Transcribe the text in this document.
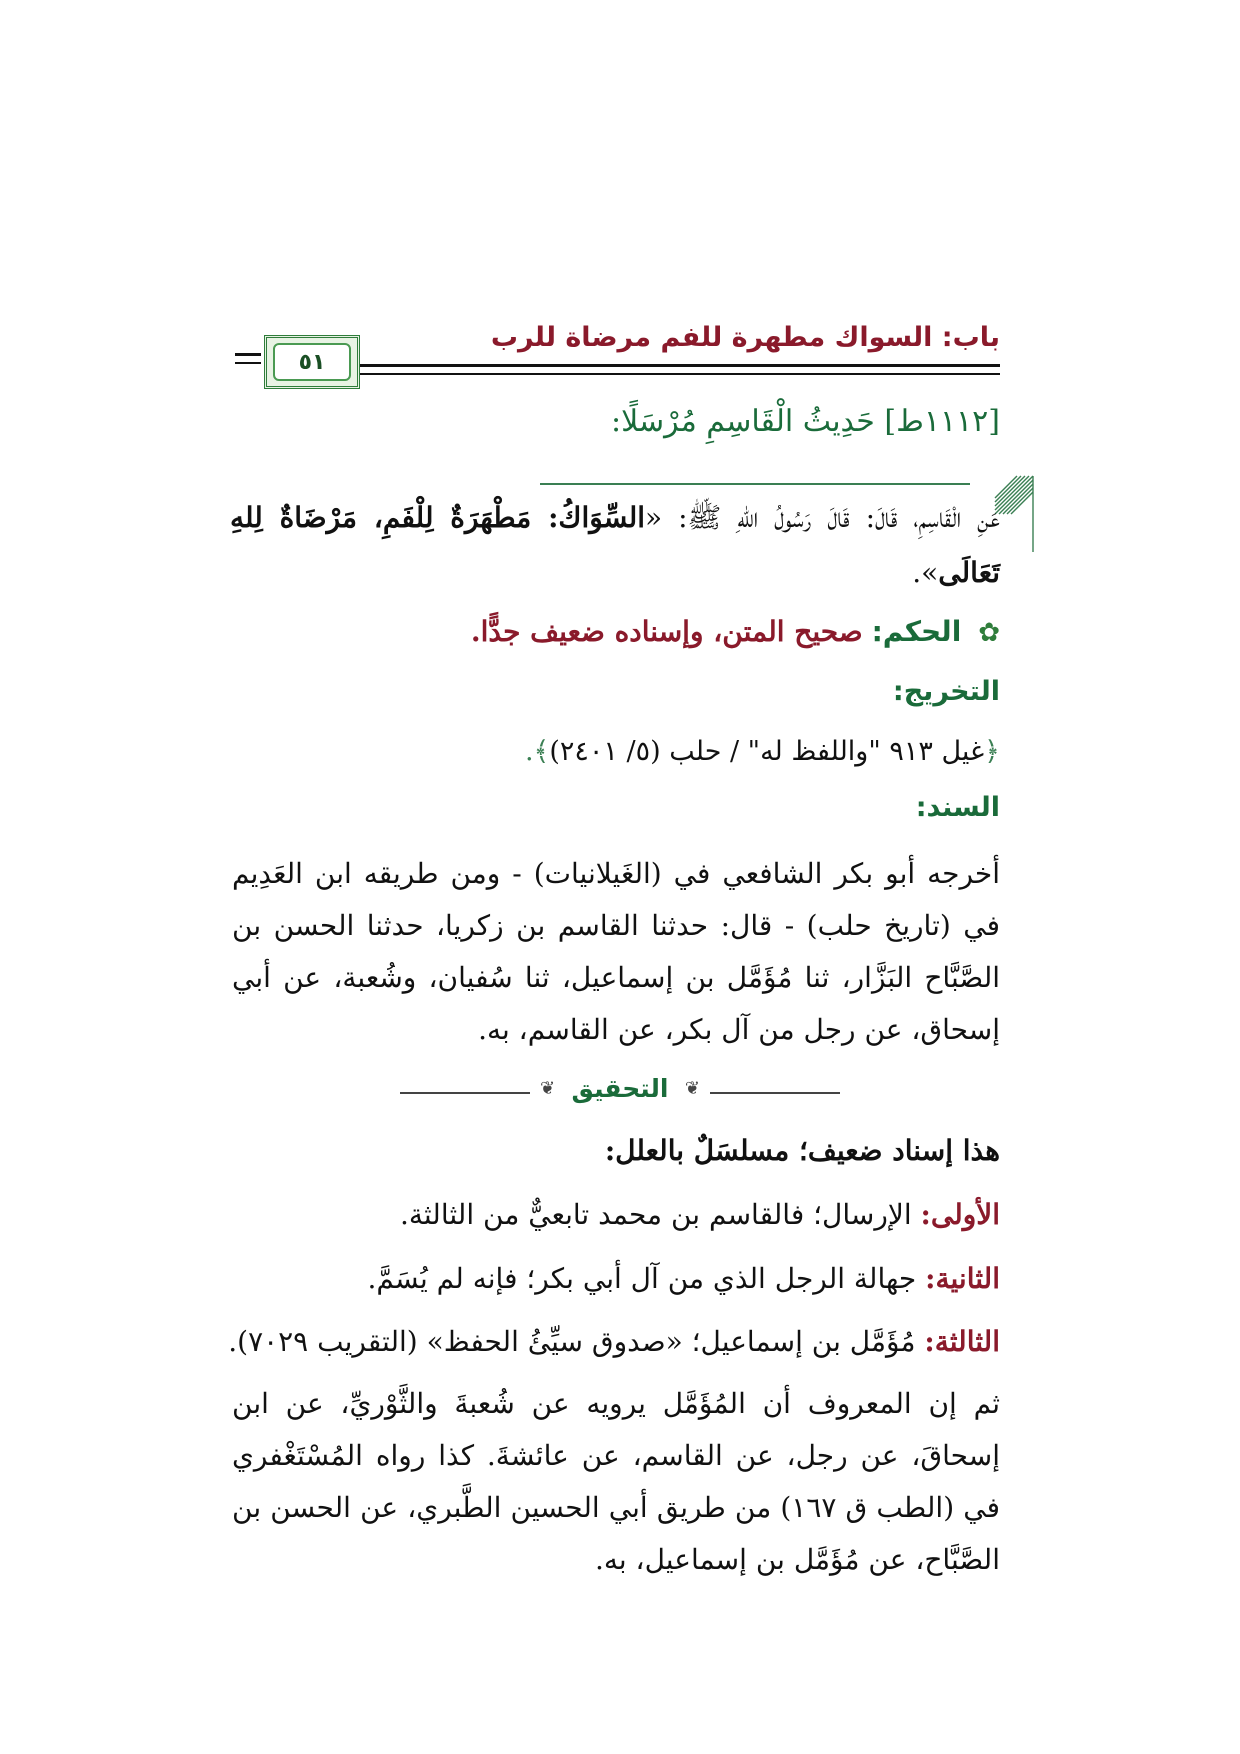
باب: السواك مطهرة للفم مرضاة للرب
٥١
[١١١٢ط] حَدِيثُ الْقَاسِمِ مُرْسَلًا:
عَنِ الْقَاسِمِ، قَالَ: قَالَ رَسُولُ اللهِ ﷺ: «السِّوَاكُ: مَطْهَرَةٌ لِلْفَمِ، مَرْضَاةٌ لِلهِ تَعَالَى».
✿ الحكم: صحيح المتن، وإسناده ضعيف جدًّا.
التخريج:
﴿غيل ٩١٣ "واللفظ له" / حلب (٥/ ٢٤٠١)﴾.
السند:
أخرجه أبو بكر الشافعي في (الغَيلانيات) - ومن طريقه ابن العَدِيم في (تاريخ حلب) - قال: حدثنا القاسم بن زكريا، حدثنا الحسن بن الصَّبَّاح البَزَّار، ثنا مُؤَمَّل بن إسماعيل، ثنا سُفيان، وشُعبة، عن أبي إسحاق، عن رجل من آل بكر، عن القاسم، به.
❦	❦
التحقيق
هذا إسناد ضعيف؛ مسلسَلٌ بالعلل:
الأولى: الإرسال؛ فالقاسم بن محمد تابعيٌّ من الثالثة.
الثانية: جهالة الرجل الذي من آل أبي بكر؛ فإنه لم يُسَمَّ.
الثالثة: مُؤَمَّل بن إسماعيل؛ «صدوق سيِّئُ الحفظ» (التقريب ٧٠٢٩).
ثم إن المعروف أن المُؤَمَّل يرويه عن شُعبةَ والثَّوْريِّ، عن ابن إسحاقَ، عن رجل، عن القاسم، عن عائشةَ. كذا رواه المُسْتَغْفري في (الطب ق ١٦٧) من طريق أبي الحسين الطَّبري، عن الحسن بن الصَّبَّاح، عن مُؤَمَّل بن إسماعيل، به.
